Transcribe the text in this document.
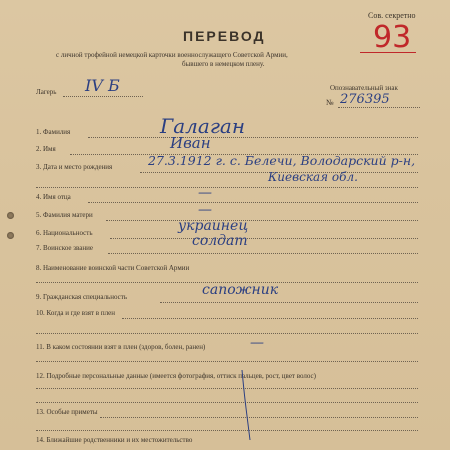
Сов. секретно
93
ПЕРЕВОД
с личной трофейной немецкой карточки военнослужащего Советской Армии,
бывшего в немецком плену.
Лагерь IV Б	Опознавательный знак
№ 276395
1. Фамилия	Галаган
2. Имя	Иван
3. Дата и место рождения	27.3.1912 г. с. Белечи, Володарский р-н,
Киевская обл.
4. Имя отца	—
5. Фамилия матери	—
6. Национальность	украинец
7. Воинское звание	солдат
8. Наименование воинской части Советской Армии
9. Гражданская специальность	сапожник
10. Когда и где взят в плен
11. В каком состоянии взят в плен (здоров, болен, ранен)	—
12. Подробные персональные данные (имеется фотография, оттиск пальцев, рост, цвет волос)
13. Особые приметы
14. Ближайшие родственники и их местожительство
